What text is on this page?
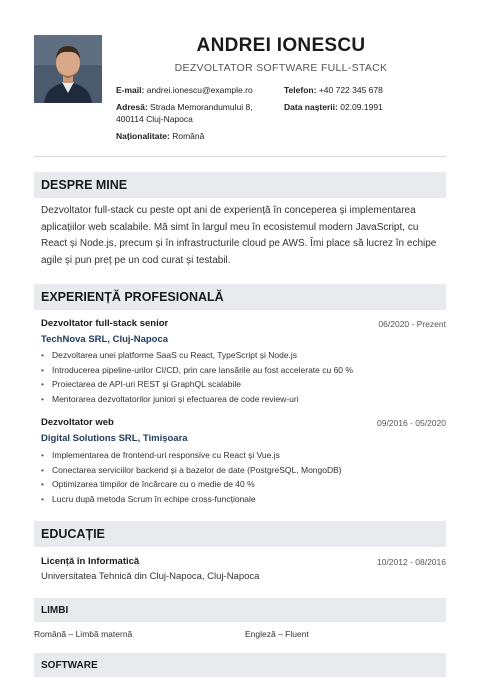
ANDREI IONESCU
DEZVOLTATOR SOFTWARE FULL-STACK
E-mail: andrei.ionescu@example.ro	Telefon: +40 722 345 678
Adresă: Strada Memorandumului 8,
400114 Cluj-Napoca
Data nașterii: 02.09.1991
Naționalitate: Română
DESPRE MINE
Dezvoltator full-stack cu peste opt ani de experiență în conceperea și implementarea aplicațiilor web scalabile. Mă simt în largul meu în ecosistemul modern JavaScript, cu React și Node.js, precum și în infrastructurile cloud pe AWS. Îmi place să lucrez în echipe agile și pun preț pe un cod curat și testabil.
EXPERIENȚĂ PROFESIONALĂ
Dezvoltator full-stack senior	06/2020 - Prezent
TechNova SRL, Cluj-Napoca
• Dezvoltarea unei platforme SaaS cu React, TypeScript și Node.js
• Introducerea pipeline-urilor CI/CD, prin care lansările au fost accelerate cu 60 %
• Proiectarea de API-uri REST și GraphQL scalabile
• Mentorarea dezvoltatorilor juniori și efectuarea de code review-uri
Dezvoltator web	09/2016 - 05/2020
Digital Solutions SRL, Timișoara
• Implementarea de frontend-uri responsive cu React și Vue.js
• Conectarea serviciilor backend și a bazelor de date (PostgreSQL, MongoDB)
• Optimizarea timpilor de încărcare cu o medie de 40 %
• Lucru după metoda Scrum în echipe cross-funcționale
EDUCAȚIE
Licență în Informatică	10/2012 - 08/2016
Universitatea Tehnică din Cluj-Napoca, Cluj-Napoca
LIMBI
Română – Limbă maternă	Engleză – Fluent
SOFTWARE
